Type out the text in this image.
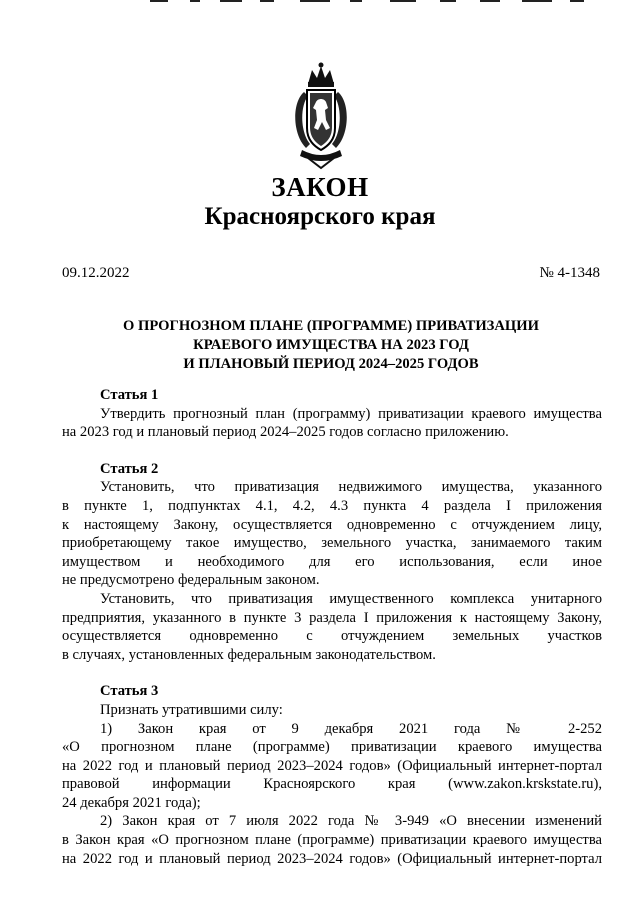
ЗАКОН
Красноярского края
09.12.2022	№ 4-1348
О ПРОГНОЗНОМ ПЛАНЕ (ПРОГРАММЕ) ПРИВАТИЗАЦИИ
КРАЕВОГО ИМУЩЕСТВА НА 2023 ГОД
И ПЛАНОВЫЙ ПЕРИОД 2024–2025 ГОДОВ
Статья 1
Утвердить прогнозный план (программу) приватизации краевого имущества
на 2023 год и плановый период 2024–2025 годов согласно приложению.
Статья 2
Установить, что приватизация недвижимого имущества, указанного
в пункте 1, подпунктах 4.1, 4.2, 4.3 пункта 4 раздела I приложения
к настоящему Закону, осуществляется одновременно с отчуждением лицу,
приобретающему такое имущество, земельного участка, занимаемого таким
имуществом и необходимого для его использования, если иное
не предусмотрено федеральным законом.
Установить, что приватизация имущественного комплекса унитарного
предприятия, указанного в пункте 3 раздела I приложения к настоящему Закону,
осуществляется одновременно с отчуждением земельных участков
в случаях, установленных федеральным законодательством.
Статья 3
Признать утратившими силу:
1) Закон края от 9 декабря 2021 года № 2-252
«О прогнозном плане (программе) приватизации краевого имущества
на 2022 год и плановый период 2023–2024 годов» (Официальный интернет-портал
правовой информации Красноярского края (www.zakon.krskstate.ru),
24 декабря 2021 года);
2) Закон края от 7 июля 2022 года № 3-949 «О внесении изменений
в Закон края «О прогнозном плане (программе) приватизации краевого имущества
на 2022 год и плановый период 2023–2024 годов» (Официальный интернет-портал
